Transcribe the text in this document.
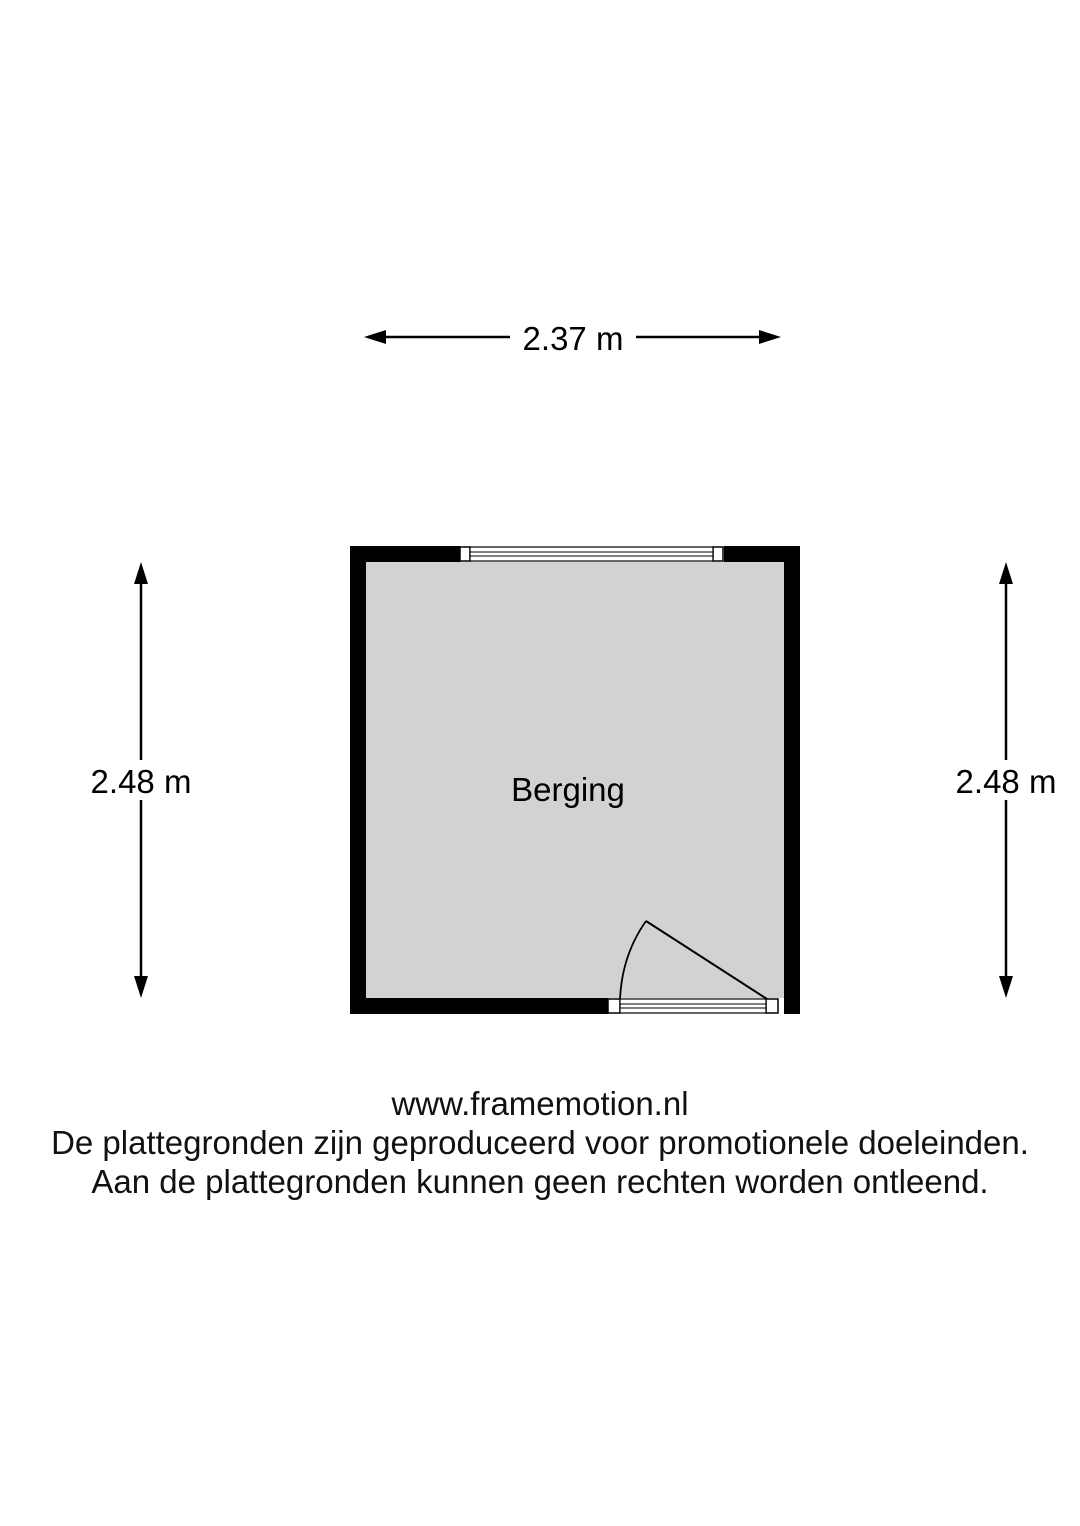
2.37 m
2.48 m	2.48 m
Berging
www.framemotion.nl
De plattegronden zijn geproduceerd voor promotionele doeleinden.
Aan de plattegronden kunnen geen rechten worden ontleend.
